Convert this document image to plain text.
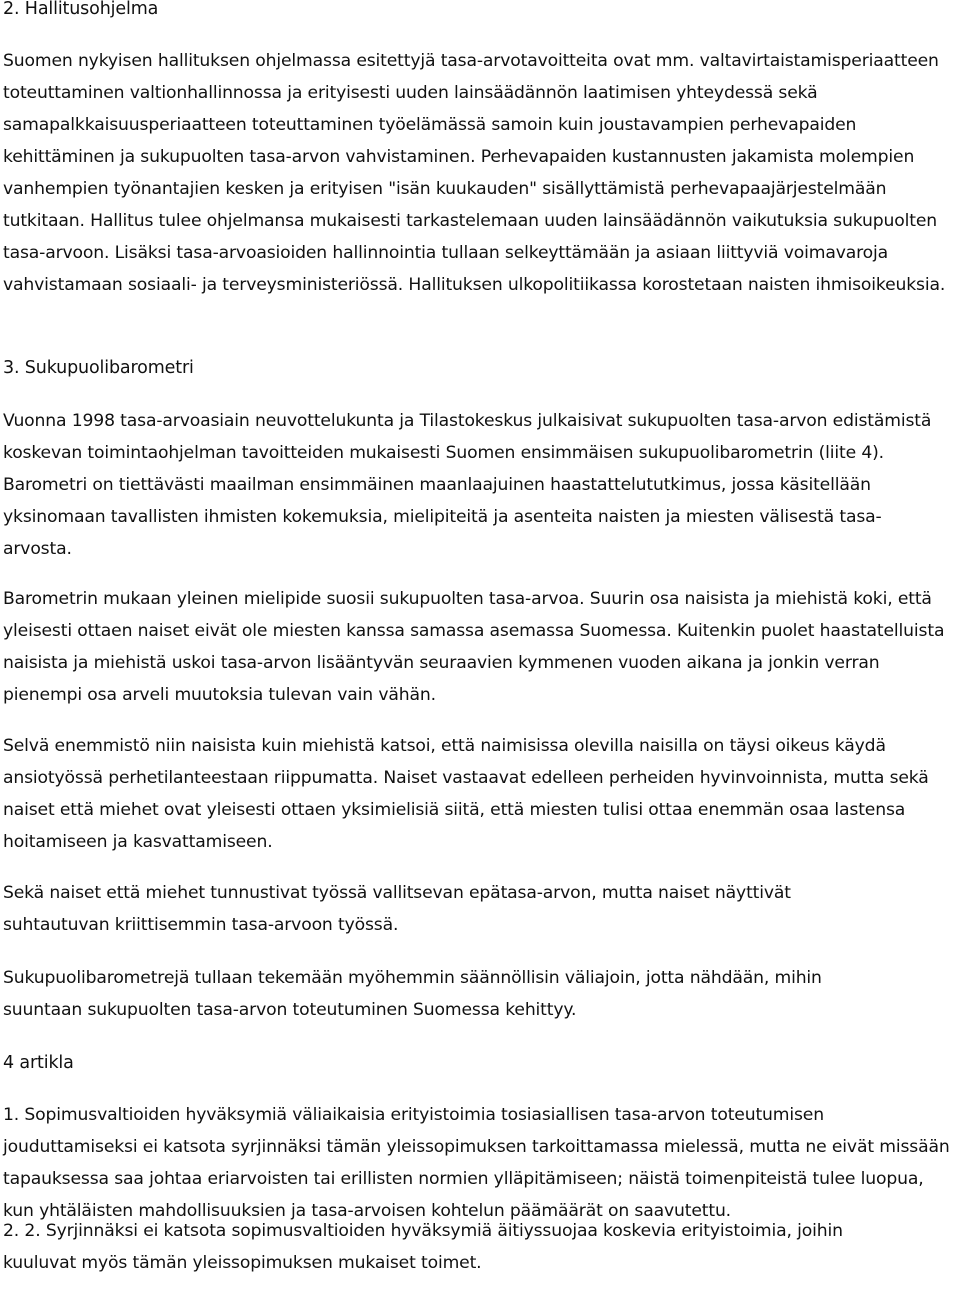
2. Hallitusohjelma

Suomen nykyisen hallituksen ohjelmassa esitettyjä tasa-arvotavoitteita ovat mm. valtavirtaistamisperiaatteen toteuttaminen valtionhallinnossa ja erityisesti uuden lainsäädännön laatimisen yhteydessä sekä samapalkkaisuusperiaatteen toteuttaminen työelämässä samoin kuin joustavampien perhevapaiden kehittäminen ja sukupuolten tasa-arvon vahvistaminen. Perhevapaiden kustannusten jakamista molempien vanhempien työnantajien kesken ja erityisen "isän kuukauden" sisällyttämistä perhevapaajärjestelmään tutkitaan. Hallitus tulee ohjelmansa mukaisesti tarkastelemaan uuden lainsäädännön vaikutuksia sukupuolten tasa-arvoon. Lisäksi tasa-arvoasioiden hallinnointia tullaan selkeyttämään ja asiaan liittyviä voimavaroja vahvistamaan sosiaali- ja terveysministeriössä. Hallituksen ulkopolitiikassa korostetaan naisten ihmisoikeuksia.

3. Sukupuolibarometri

Vuonna 1998 tasa-arvoasiain neuvottelukunta ja Tilastokeskus julkaisivat sukupuolten tasa-arvon edistämistä koskevan toimintaohjelman tavoitteiden mukaisesti Suomen ensimmäisen sukupuolibarometrin (liite 4). Barometri on tiettävästi maailman ensimmäinen maanlaajuinen haastattelututkimus, jossa käsitellään yksinomaan tavallisten ihmisten kokemuksia, mielipiteitä ja asenteita naisten ja miesten välisestä tasa-arvosta.

Barometrin mukaan yleinen mielipide suosii sukupuolten tasa-arvoa. Suurin osa naisista ja miehistä koki, että yleisesti ottaen naiset eivät ole miesten kanssa samassa asemassa Suomessa. Kuitenkin puolet haastatelluista naisista ja miehistä uskoi tasa-arvon lisääntyvän seuraavien kymmenen vuoden aikana ja jonkin verran pienempi osa arveli muutoksia tulevan vain vähän.

Selvä enemmistö niin naisista kuin miehistä katsoi, että naimisissa olevilla naisilla on täysi oikeus käydä ansiotyössä perhetilanteestaan riippumatta. Naiset vastaavat edelleen perheiden hyvinvoinnista, mutta sekä naiset että miehet ovat yleisesti ottaen yksimielisiä siitä, että miesten tulisi ottaa enemmän osaa lastensa hoitamiseen ja kasvattamiseen.

Sekä naiset että miehet tunnustivat työssä vallitsevan epätasa-arvon, mutta naiset näyttivät suhtautuvan kriittisemmin tasa-arvoon työssä.

Sukupuolibarometrejä tullaan tekemään myöhemmin säännöllisin väliajoin, jotta nähdään, mihin suuntaan sukupuolten tasa-arvon toteutuminen Suomessa kehittyy.

4 artikla

1. Sopimusvaltioiden hyväksymiä väliaikaisia erityistoimia tosiasiallisen tasa-arvon toteutumisen jouduttamiseksi ei katsota syrjinnäksi tämän yleissopimuksen tarkoittamassa mielessä, mutta ne eivät missään tapauksessa saa johtaa eriarvoisten tai erillisten normien ylläpitämiseen; näistä toimenpiteistä tulee luopua, kun yhtäläisten mahdollisuuksien ja tasa-arvoisen kohtelun päämäärät on saavutettu.

2. 2. Syrjinnäksi ei katsota sopimusvaltioiden hyväksymiä äitiyssuojaa koskevia erityistoimia, joihin kuuluvat myös tämän yleissopimuksen mukaiset toimet.
